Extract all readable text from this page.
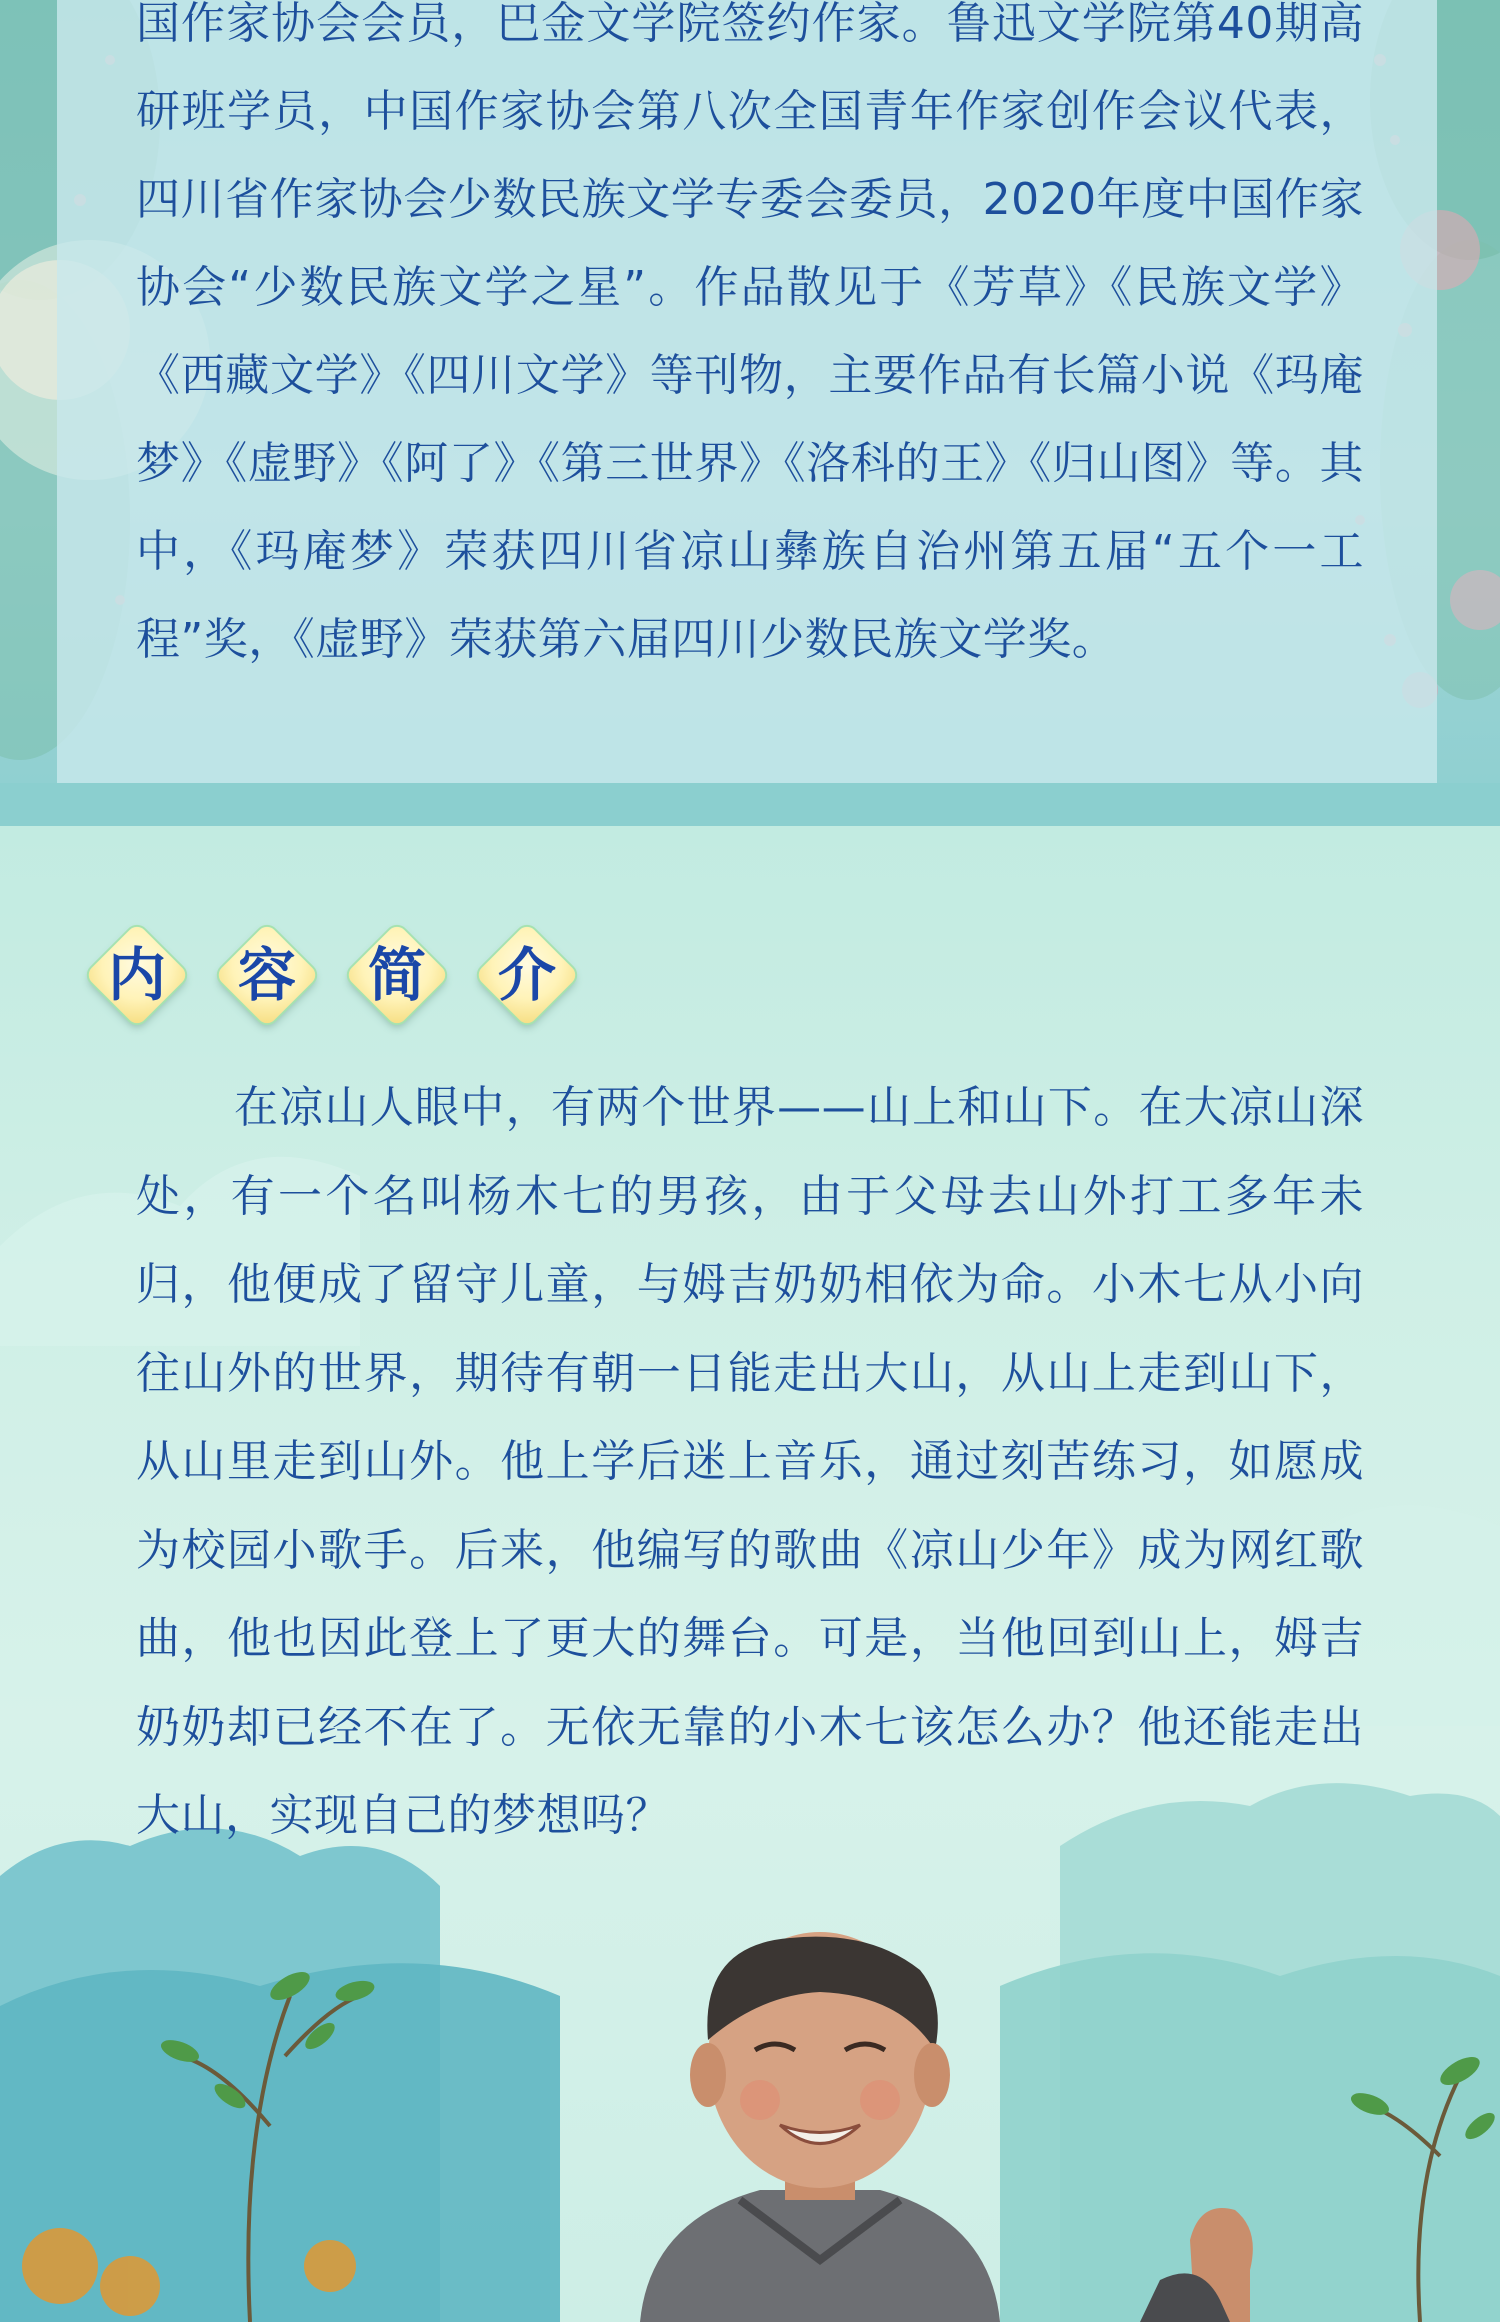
国作家协会会员，巴金文学院签约作家。鲁迅文学院第40期高研班学员，中国作家协会第八次全国青年作家创作会议代表，四川省作家协会少数民族文学专委会委员，2020年度中国作家协会“少数民族文学之星”。作品散见于《芳草》《民族文学》《西藏文学》《四川文学》等刊物，主要作品有长篇小说《玛庵梦》《虚野》《阿了》《第三世界》《洛科的王》《归山图》等。其中，《玛庵梦》荣获四川省凉山彝族自治州第五届“五个一工程”奖，《虚野》荣获第六届四川少数民族文学奖。

内	容	简	介

在凉山人眼中，有两个世界——山上和山下。在大凉山深处，有一个名叫杨木七的男孩，由于父母去山外打工多年未归，他便成了留守儿童，与姆吉奶奶相依为命。小木七从小向往山外的世界，期待有朝一日能走出大山，从山上走到山下，从山里走到山外。他上学后迷上音乐，通过刻苦练习，如愿成为校园小歌手。后来，他编写的歌曲《凉山少年》成为网红歌曲，他也因此登上了更大的舞台。可是，当他回到山上，姆吉奶奶却已经不在了。无依无靠的小木七该怎么办？他还能走出大山，实现自己的梦想吗？
